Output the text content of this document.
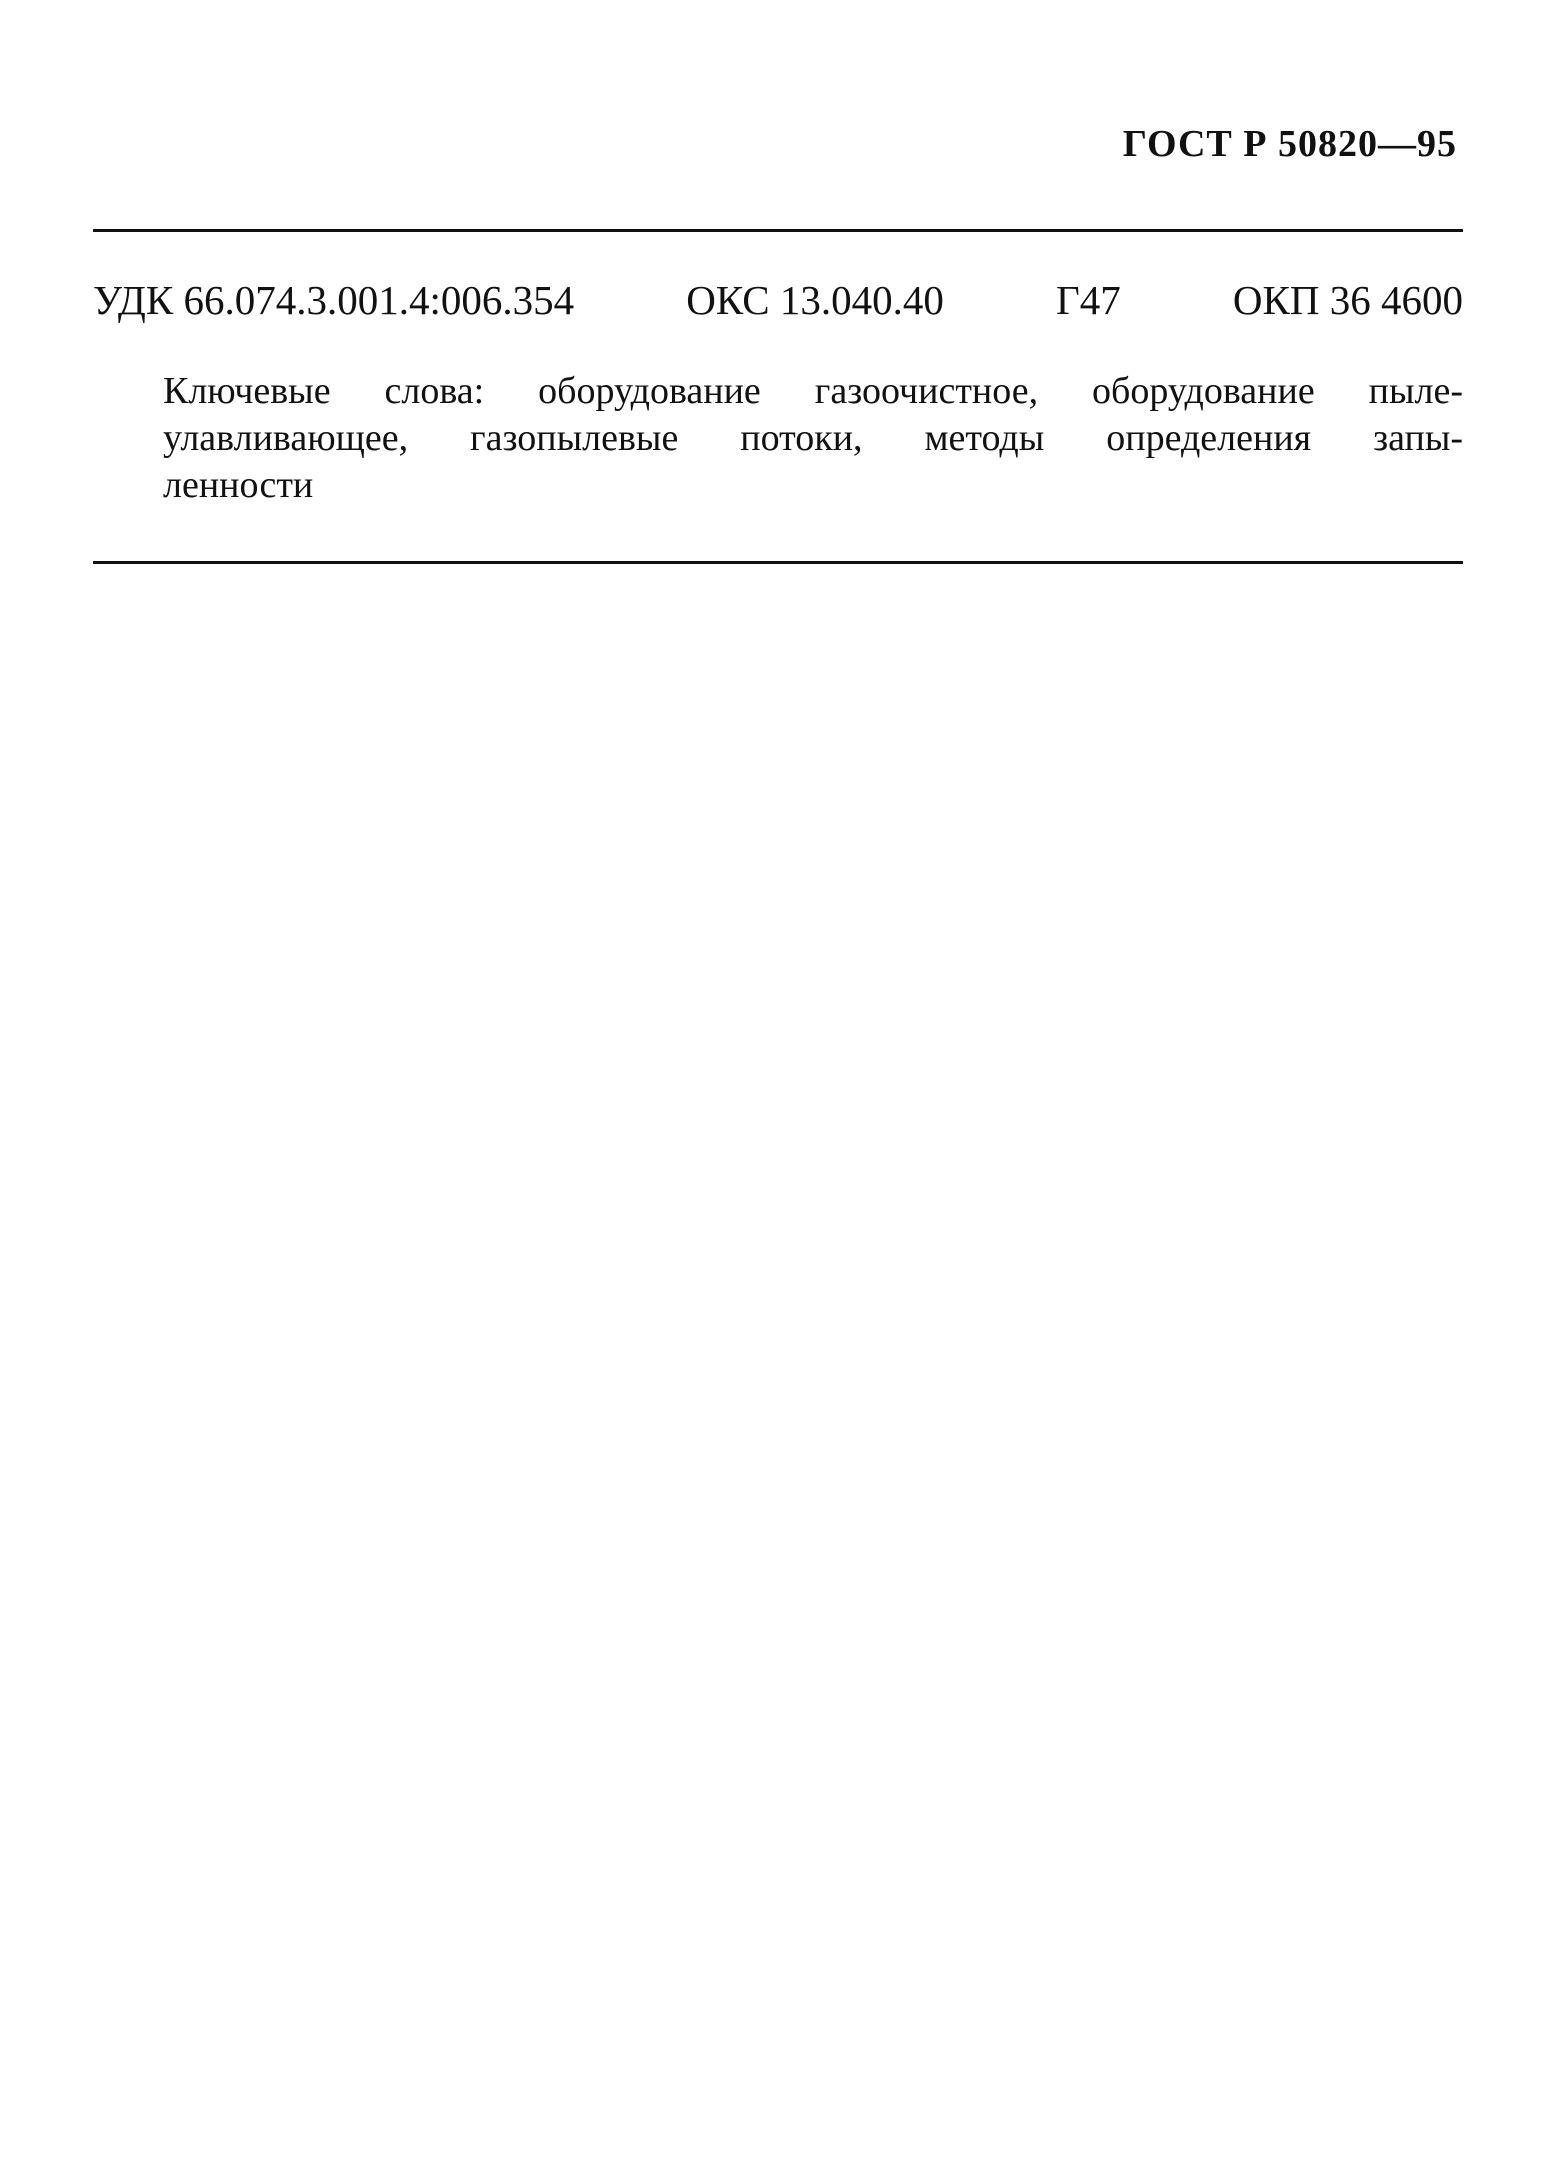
ГОСТ Р 50820—95
УДК 66.074.3.001.4:006.354	ОКС 13.040.40	Г47	ОКП 36 4600
Ключевые слова: оборудование газоочистное, оборудование пыле-
улавливающее, газопылевые потоки, методы определения запы-
ленности
